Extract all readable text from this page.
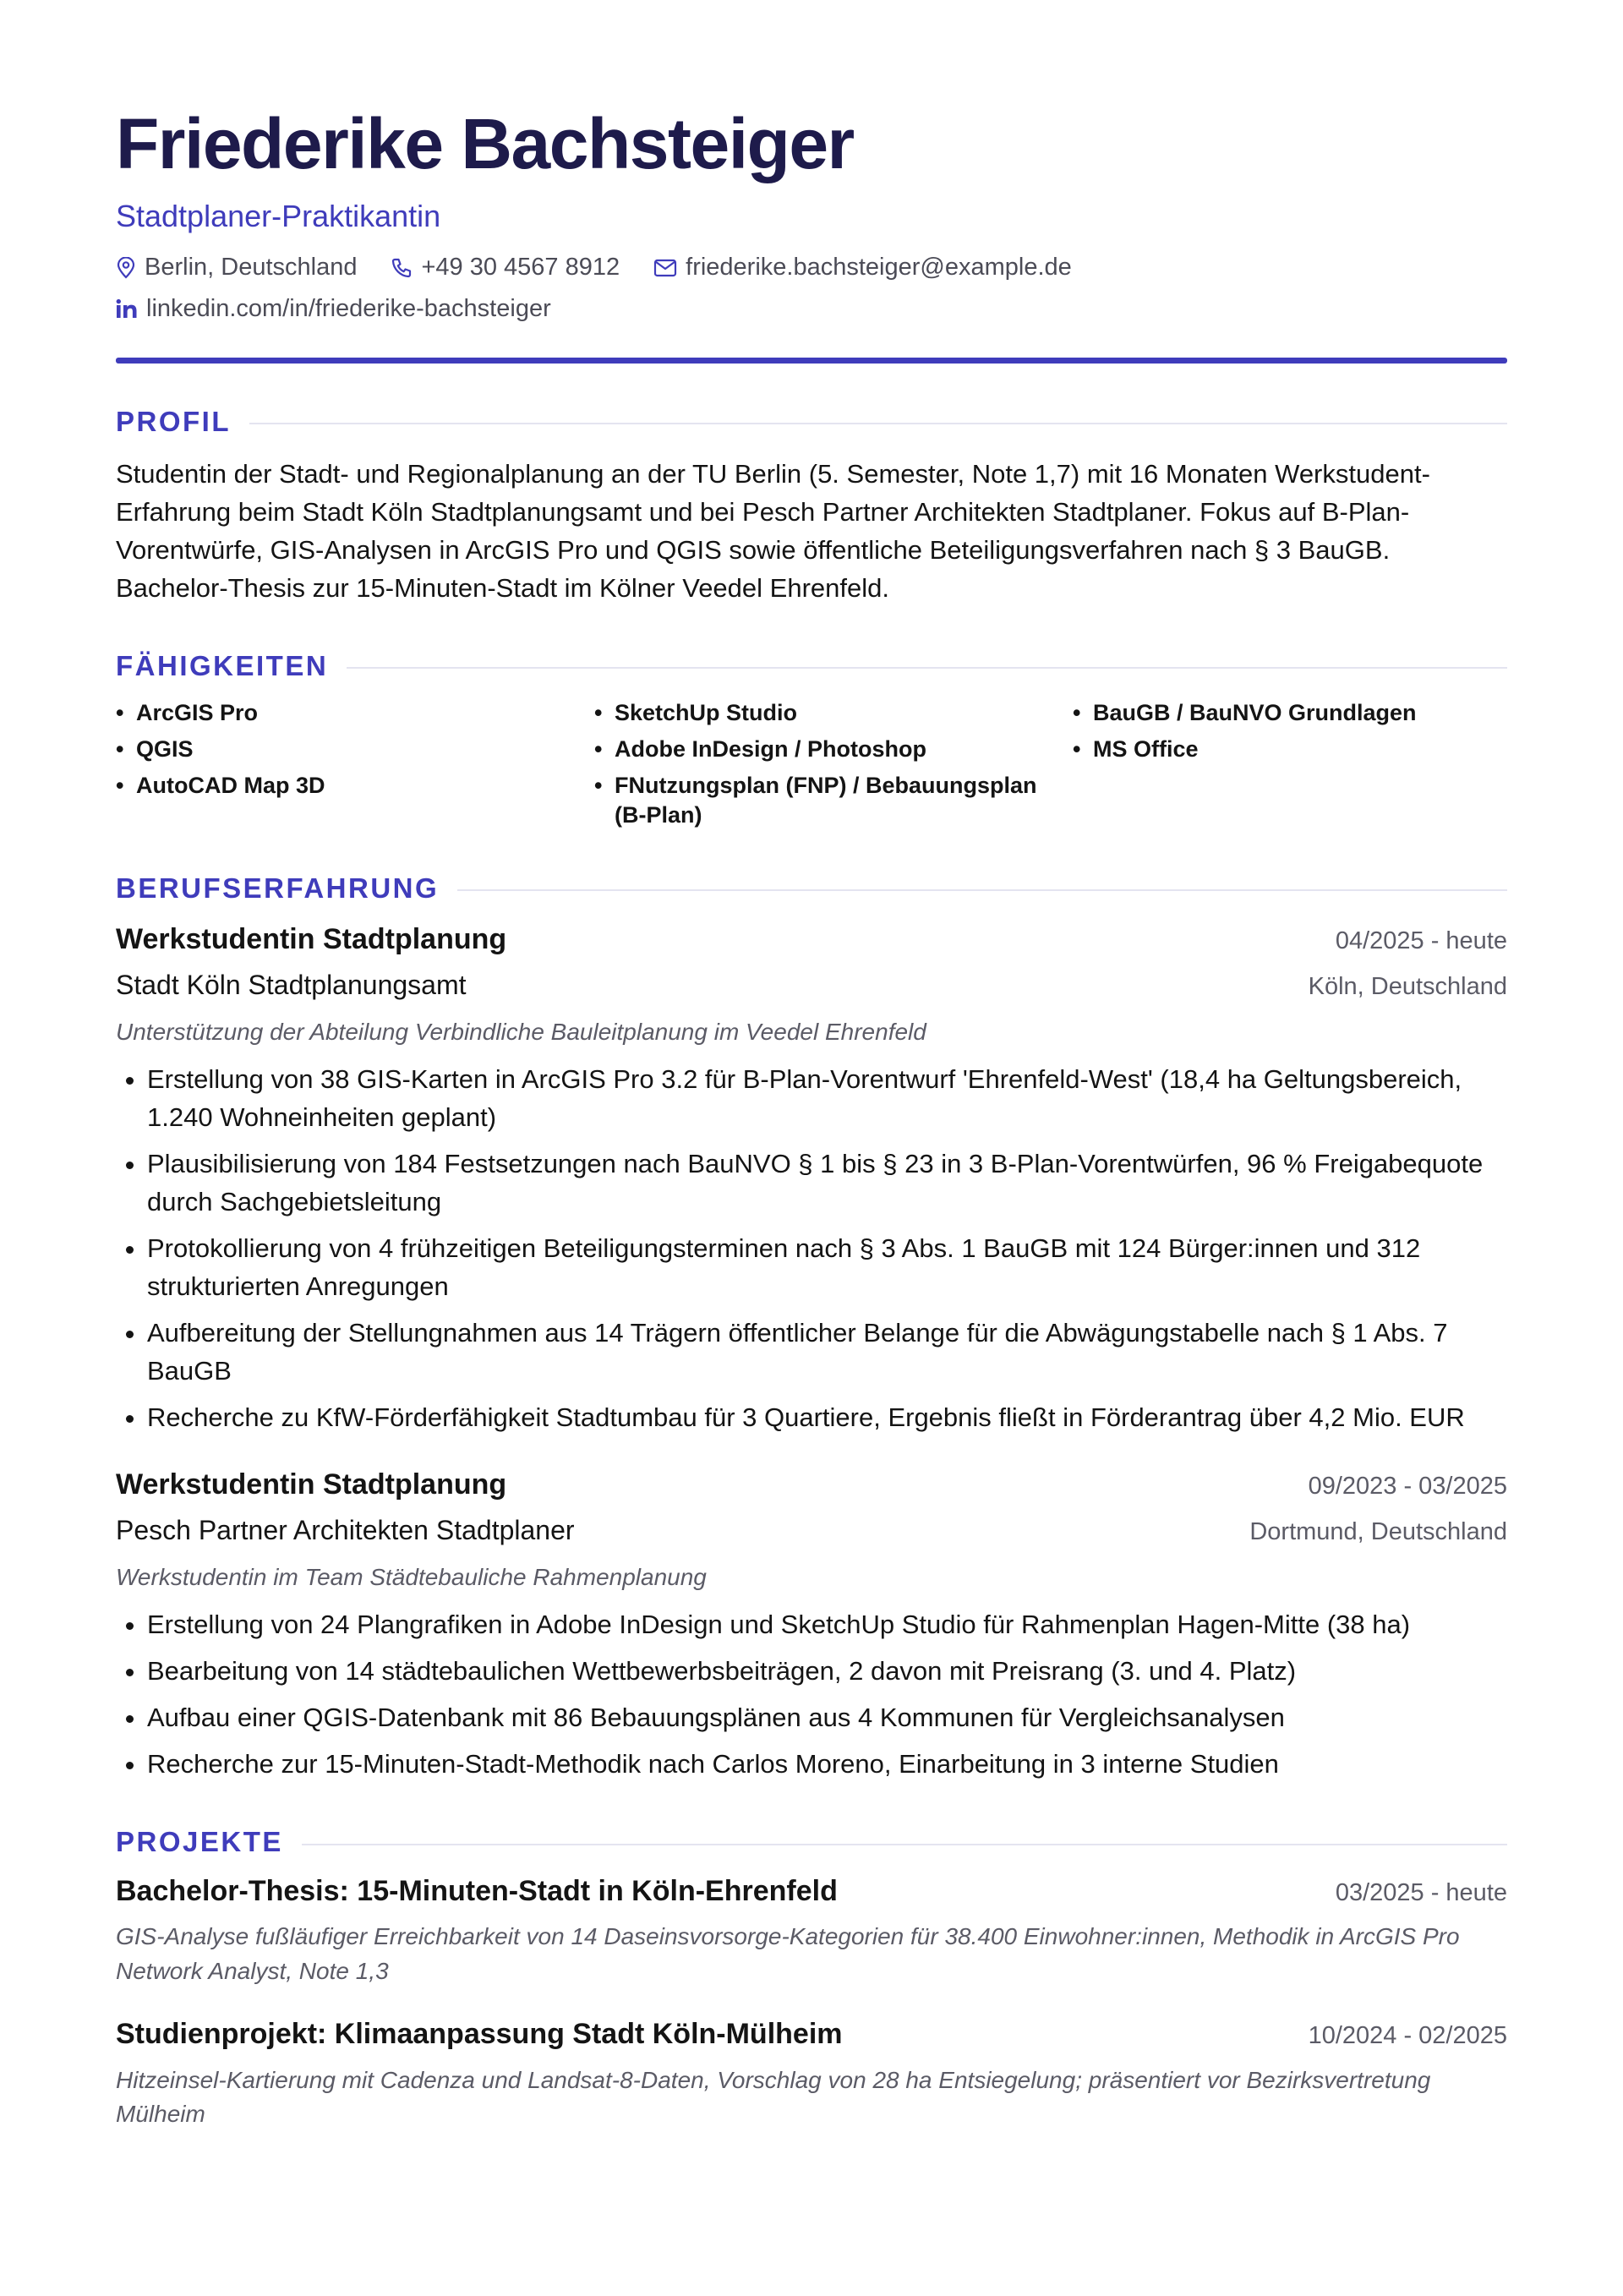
Friederike Bachsteiger
Stadtplaner-Praktikantin
Berlin, Deutschland	+49 30 4567 8912	friederike.bachsteiger@example.de
linkedin.com/in/friederike-bachsteiger
PROFIL
Studentin der Stadt- und Regionalplanung an der TU Berlin (5. Semester, Note 1,7) mit 16 Monaten Werkstudent-Erfahrung beim Stadt Köln Stadtplanungsamt und bei Pesch Partner Architekten Stadtplaner. Fokus auf B-Plan-Vorentwürfe, GIS-Analysen in ArcGIS Pro und QGIS sowie öffentliche Beteiligungsverfahren nach § 3 BauGB. Bachelor-Thesis zur 15-Minuten-Stadt im Kölner Veedel Ehrenfeld.
FÄHIGKEITEN
• ArcGIS Pro
• QGIS
• AutoCAD Map 3D
• SketchUp Studio
• Adobe InDesign / Photoshop
• FNutzungsplan (FNP) / Bebauungsplan (B-Plan)
• BauGB / BauNVO Grundlagen
• MS Office
BERUFSERFAHRUNG
Werkstudentin Stadtplanung	04/2025 - heute
Stadt Köln Stadtplanungsamt	Köln, Deutschland
Unterstützung der Abteilung Verbindliche Bauleitplanung im Veedel Ehrenfeld
• Erstellung von 38 GIS-Karten in ArcGIS Pro 3.2 für B-Plan-Vorentwurf 'Ehrenfeld-West' (18,4 ha Geltungsbereich, 1.240 Wohneinheiten geplant)
• Plausibilisierung von 184 Festsetzungen nach BauNVO § 1 bis § 23 in 3 B-Plan-Vorentwürfen, 96 % Freigabequote durch Sachgebietsleitung
• Protokollierung von 4 frühzeitigen Beteiligungsterminen nach § 3 Abs. 1 BauGB mit 124 Bürger:innen und 312 strukturierten Anregungen
• Aufbereitung der Stellungnahmen aus 14 Trägern öffentlicher Belange für die Abwägungstabelle nach § 1 Abs. 7 BauGB
• Recherche zu KfW-Förderfähigkeit Stadtumbau für 3 Quartiere, Ergebnis fließt in Förderantrag über 4,2 Mio. EUR
Werkstudentin Stadtplanung	09/2023 - 03/2025
Pesch Partner Architekten Stadtplaner	Dortmund, Deutschland
Werkstudentin im Team Städtebauliche Rahmenplanung
• Erstellung von 24 Plangrafiken in Adobe InDesign und SketchUp Studio für Rahmenplan Hagen-Mitte (38 ha)
• Bearbeitung von 14 städtebaulichen Wettbewerbsbeiträgen, 2 davon mit Preisrang (3. und 4. Platz)
• Aufbau einer QGIS-Datenbank mit 86 Bebauungsplänen aus 4 Kommunen für Vergleichsanalysen
• Recherche zur 15-Minuten-Stadt-Methodik nach Carlos Moreno, Einarbeitung in 3 interne Studien
PROJEKTE
Bachelor-Thesis: 15-Minuten-Stadt in Köln-Ehrenfeld	03/2025 - heute
GIS-Analyse fußläufiger Erreichbarkeit von 14 Daseinsvorsorge-Kategorien für 38.400 Einwohner:innen, Methodik in ArcGIS Pro Network Analyst, Note 1,3
Studienprojekt: Klimaanpassung Stadt Köln-Mülheim	10/2024 - 02/2025
Hitzeinsel-Kartierung mit Cadenza und Landsat-8-Daten, Vorschlag von 28 ha Entsiegelung; präsentiert vor Bezirksvertretung Mülheim
